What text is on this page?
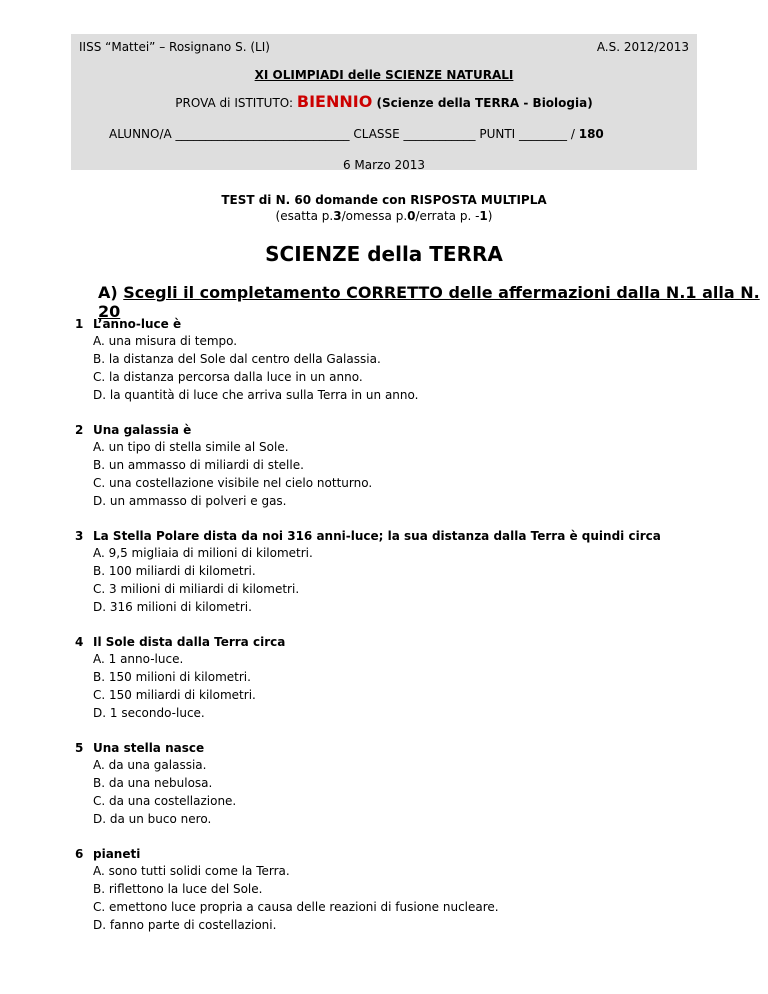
IISS “Mattei” – Rosignano S. (LI)	A.S. 2012/2013
XI OLIMPIADI delle SCIENZE NATURALI
PROVA di ISTITUTO: BIENNIO (Scienze della TERRA - Biologia)
ALUNNO/A _____________________________ CLASSE ____________ PUNTI ________ / 180
6 Marzo 2013
TEST di N. 60 domande con RISPOSTA MULTIPLA
(esatta p.3/omessa p.0/errata p. -1)
SCIENZE della TERRA
A) Scegli il completamento CORRETTO delle affermazioni dalla N.1 alla N. 20
1 L’anno-luce è
A. una misura di tempo.
B. la distanza del Sole dal centro della Galassia.
C. la distanza percorsa dalla luce in un anno.
D. la quantità di luce che arriva sulla Terra in un anno.
2 Una galassia è
A. un tipo di stella simile al Sole.
B. un ammasso di miliardi di stelle.
C. una costellazione visibile nel cielo notturno.
D. un ammasso di polveri e gas.
3 La Stella Polare dista da noi 316 anni-luce; la sua distanza dalla Terra è quindi circa
A. 9,5 migliaia di milioni di kilometri.
B. 100 miliardi di kilometri.
C. 3 milioni di miliardi di kilometri.
D. 316 milioni di kilometri.
4 Il Sole dista dalla Terra circa
A. 1 anno-luce.
B. 150 milioni di kilometri.
C. 150 miliardi di kilometri.
D. 1 secondo-luce.
5 Una stella nasce
A. da una galassia.
B. da una nebulosa.
C. da una costellazione.
D. da un buco nero.
6 pianeti
A. sono tutti solidi come la Terra.
B. riflettono la luce del Sole.
C. emettono luce propria a causa delle reazioni di fusione nucleare.
D. fanno parte di costellazioni.
